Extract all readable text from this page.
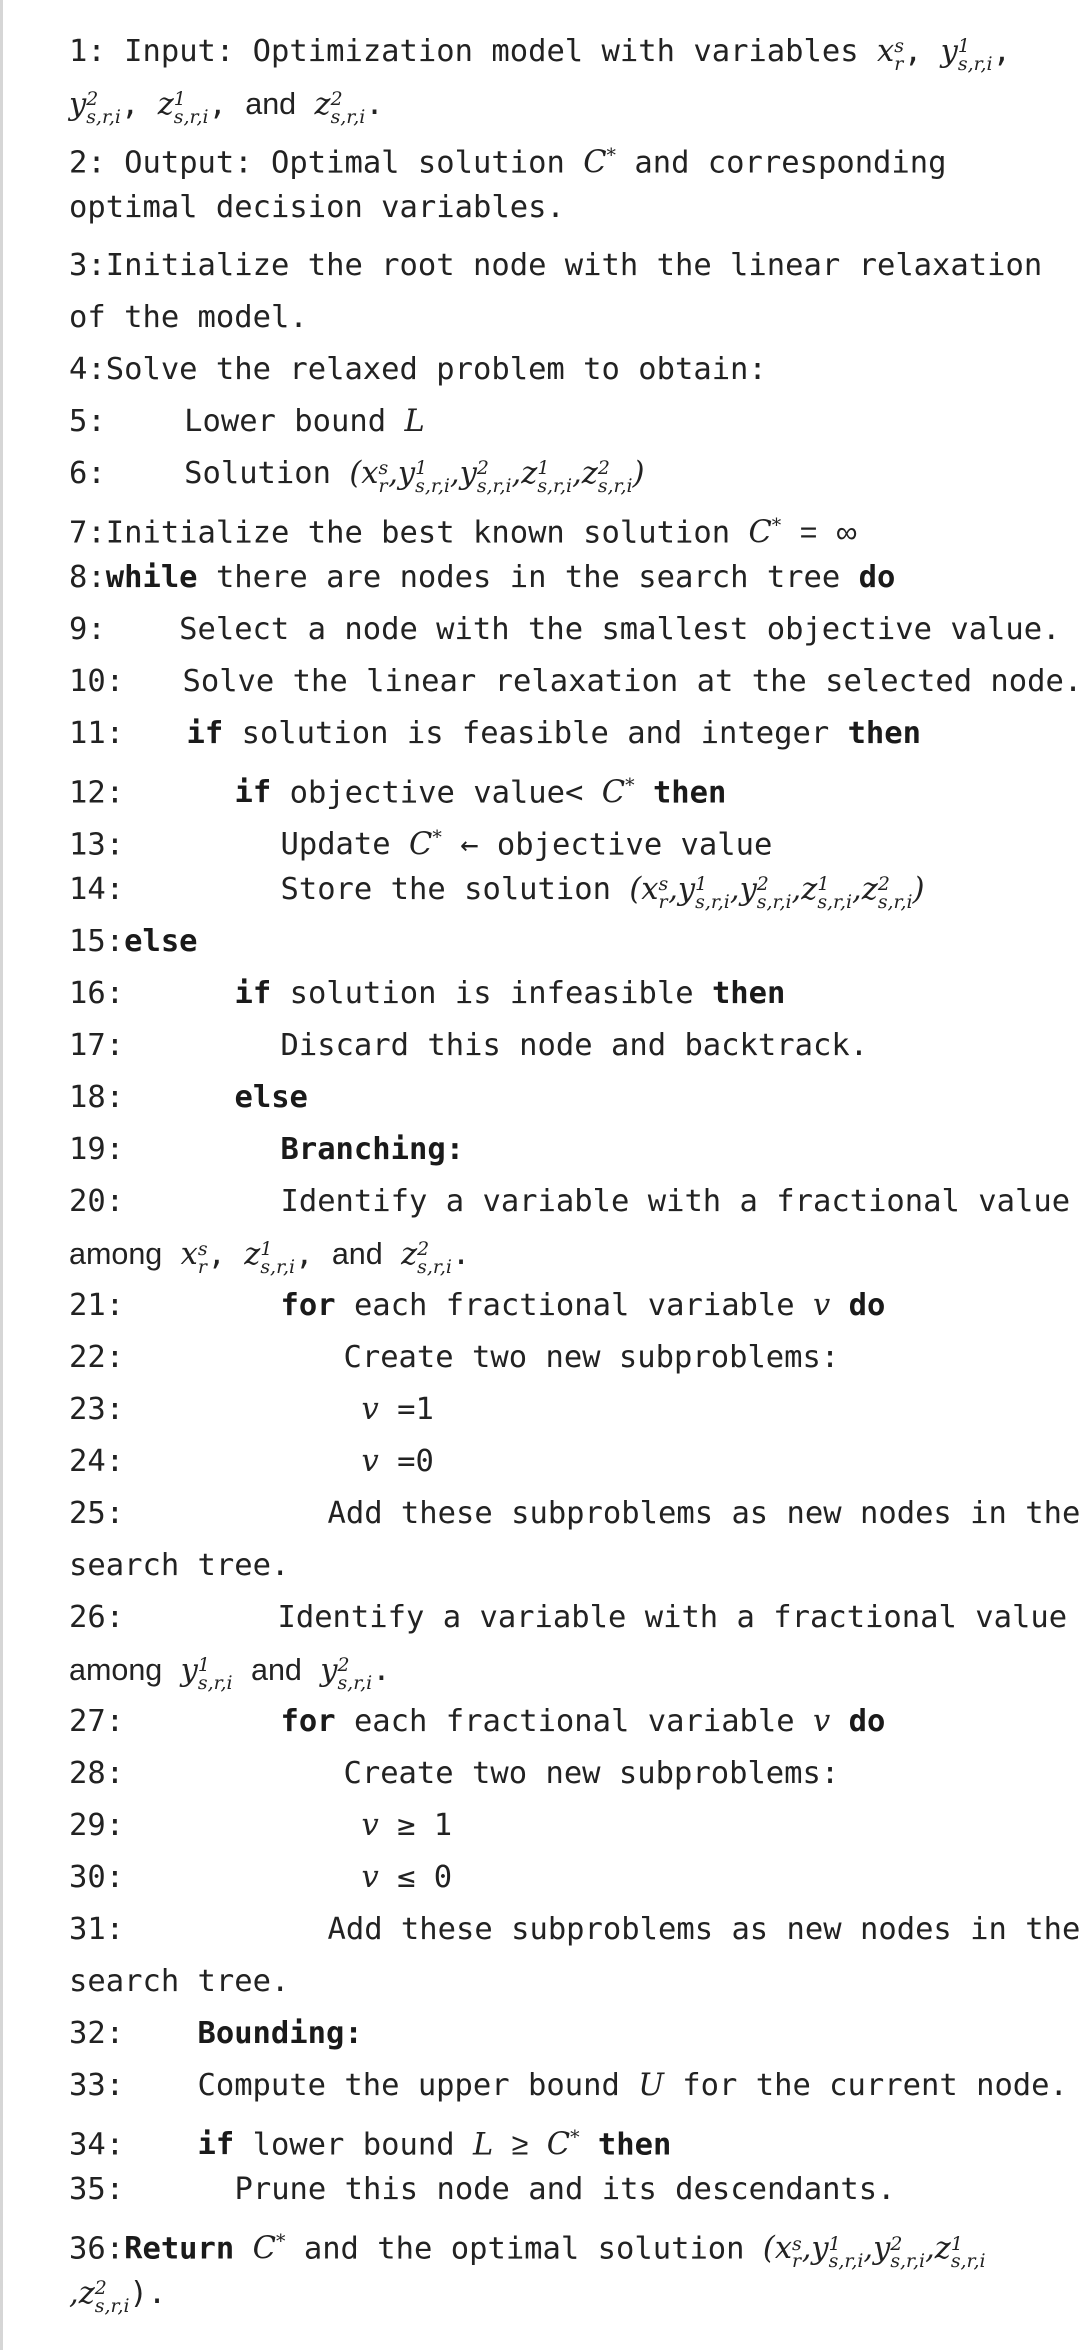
1: Input: Optimization model with variables x s
r , y 1
s,r,i ,
y 2
s,r,i , z 1
s,r,i , and z 2
s,r,i .
2: Output: Optimal solution C* and corresponding
optimal decision variables.
3:Initialize the root node with the linear relaxation
of the model.
4:Solve the relaxed problem to obtain:
5:	Lower bound L
6:	Solution (x s
r ,y 1
s,r,i ,y 2
s,r,i ,z 1
s,r,i ,z 2
s,r,i )
7:Initialize the best known solution C* = ∞
8:while there are nodes in the search tree do
9: Select a node with the smallest objective value.
10: Solve the linear relaxation at the selected node.
11: if solution is feasible and integer then
12:	if objective value< C* then
13:	Update C* ← objective value
14:	Store the solution (x s
r ,y 1
s,r,i ,y 2
s,r,i ,z 1
s,r,i ,z 2
s,r,i )
15:else
16:	if solution is infeasible then
17:	Discard this node and backtrack.
18:	else
19:	Branching:
20:	Identify a variable with a fractional value
among x s
r , z 1
s,r,i , and z 2
s,r,i .
21:	for each fractional variable v do
22:	Create two new subproblems:
23:	v =1
24:	v =0
25:	Add these subproblems as new nodes in the
search tree.
26:	Identify a variable with a fractional value
among y 1
s,r,i and y 2
s,r,i .
27:	for each fractional variable v do
28:	Create two new subproblems:
29:	v ≥ 1
30:	v ≤ 0
31:	Add these subproblems as new nodes in the
search tree.
32: Bounding:
33: Compute the upper bound U for the current node.
34: if lower bound L ≥ C* then
35:	Prune this node and its descendants.
36:Return C* and the optimal solution (x s
r ,y 1
s,r,i ,y 2
s,r,i ,z 1
s,r,i
,z 2
s,r,i ).
